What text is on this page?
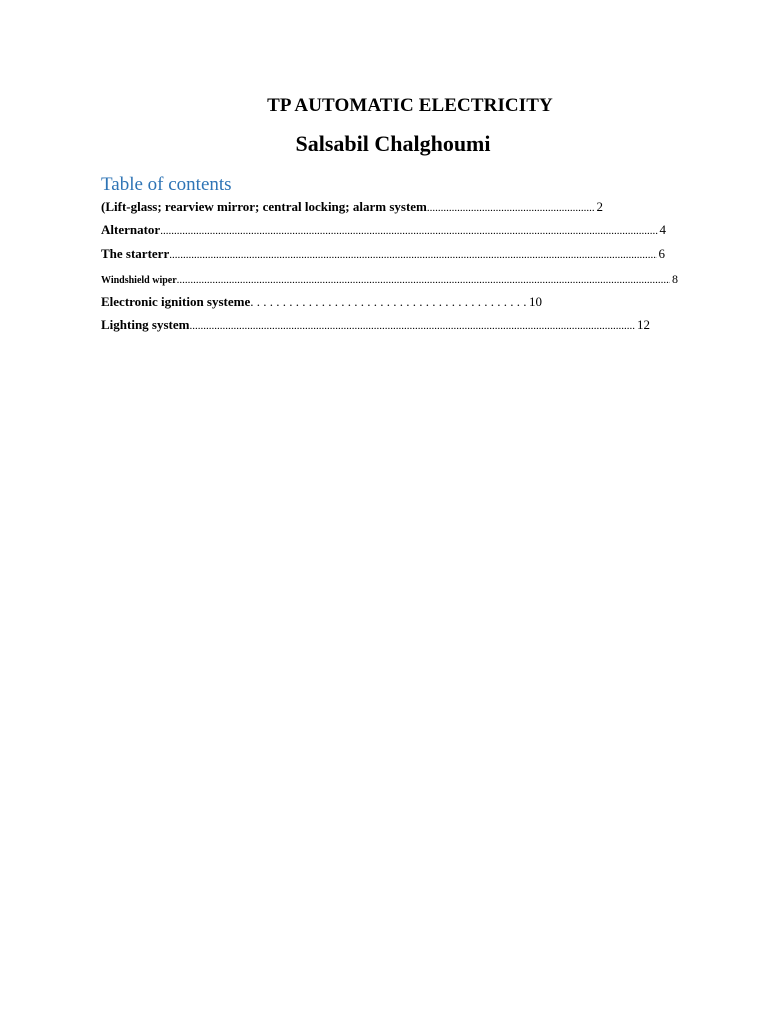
TP AUTOMATIC ELECTRICITY
Salsabil Chalghoumi
Table of contents
(Lift-glass; rearview mirror; central locking; alarm system .....	2
Alternator .....	4
The starterr .....	6
Windshield wiper .....	8
Electronic ignition systeme . . .	10
Lighting system .....	12
